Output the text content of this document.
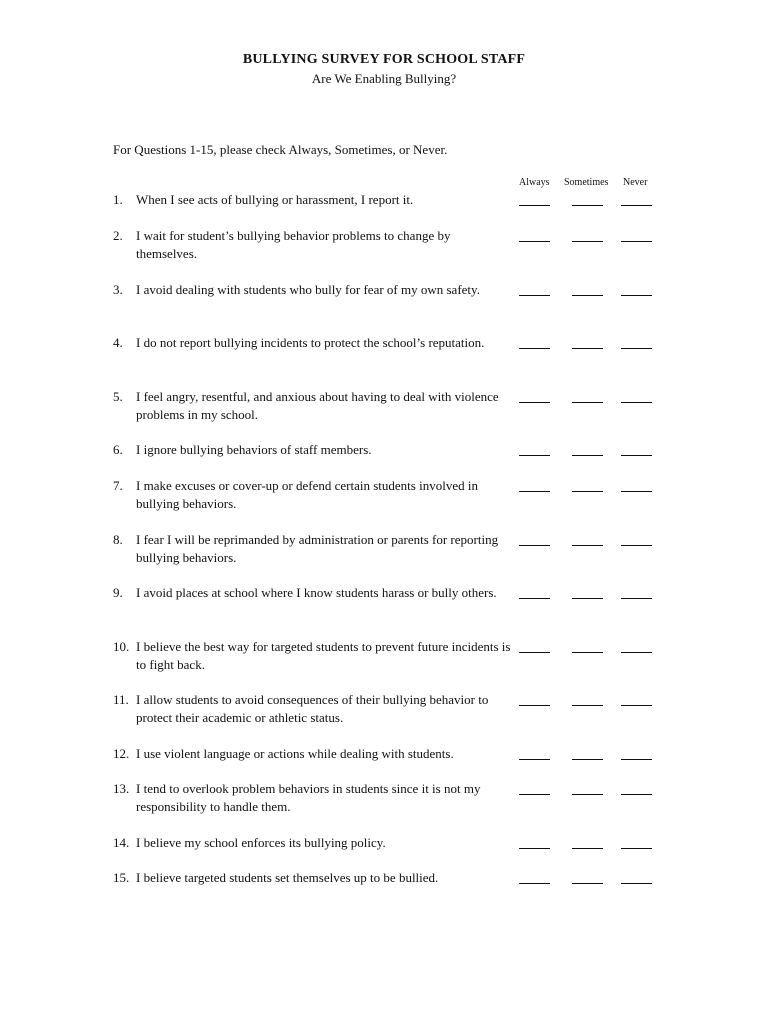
BULLYING SURVEY FOR SCHOOL STAFF
Are We Enabling Bullying?
For Questions 1-15, please check Always, Sometimes, or Never.
Always Sometimes Never
1. When I see acts of bullying or harassment, I report it.
2. I wait for student’s bullying behavior problems to change by themselves.
3. I avoid dealing with students who bully for fear of my own safety.
4. I do not report bullying incidents to protect the school’s reputation.
5. I feel angry, resentful, and anxious about having to deal with violence problems in my school.
6. I ignore bullying behaviors of staff members.
7. I make excuses or cover-up or defend certain students involved in bullying behaviors.
8. I fear I will be reprimanded by administration or parents for reporting bullying behaviors.
9. I avoid places at school where I know students harass or bully others.
10. I believe the best way for targeted students to prevent future incidents is to fight back.
11. I allow students to avoid consequences of their bullying behavior to protect their academic or athletic status.
12. I use violent language or actions while dealing with students.
13. I tend to overlook problem behaviors in students since it is not my responsibility to handle them.
14. I believe my school enforces its bullying policy.
15. I believe targeted students set themselves up to be bullied.
